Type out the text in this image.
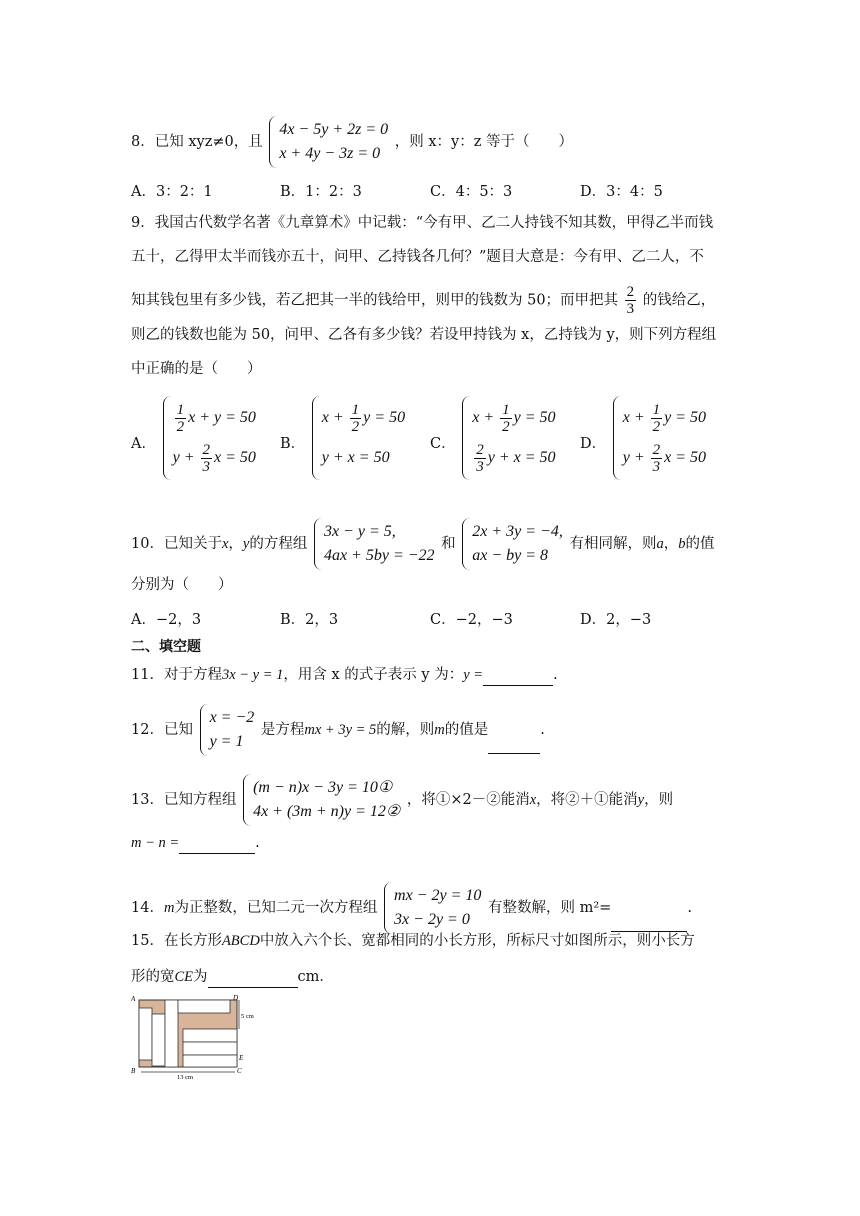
8．已知 xyz≠0，且
4x − 5y + 2z = 0
x + 4y − 3z = 0
，则 x：y：z 等于（　　）
A．3：2：1	B．1：2：3	C．4：5：3	D．3：4：5
9．我国古代数学名著《九章算术》中记载：“今有甲、乙二人持钱不知其数，甲得乙半而钱
五十，乙得甲太半而钱亦五十，问甲、乙持钱各几何？”题目大意是：今有甲、乙二人，不
知其钱包里有多少钱，若乙把其一半的钱给甲，则甲的钱数为 50；而甲把其 $\frac{2}{3}$ 的钱给乙，
则乙的钱数也能为 50，问甲、乙各有多少钱？若设甲持钱为 x，乙持钱为 y，则下列方程组
中正确的是（　　）
A．
$\frac{1}{2}$ x + y = 50
$y + \frac{2}{3}$ x = 50
B．
$x + \frac{1}{2}$ y = 50
y + x = 50
C．
$x + \frac{1}{2}$ y = 50
$\frac{2}{3}$ y + x = 50
D．
$x + \frac{1}{2}$ y = 50
$y + \frac{2}{3}$ x = 50
10．已知关于x，y的方程组
3x − y = 5,
4ax + 5by = −22
和
2x + 3y = −4,
ax − by = 8
有相同解，则a，b的值
分别为（　　）
A．−2，3	B．2，3	C．−2，−3	D．2，−3
二、填空题
11．对于方程3x − y = 1，用含 x 的式子表示 y 为：y =	.
12．已知
x = −2
y = 1
是方程mx + 3y = 5的解，则m的值是	.
13．已知方程组
(m − n)x − 3y = 10①
4x + (3m + n)y = 12②
，将①×2－②能消x，将②＋①能消y，则
m − n =	.
14．m为正整数，已知二元一次方程组
mx − 2y = 10
3x − 2y = 0
有整数解，则 m²=	.
15．在长方形ABCD中放入六个长、宽都相同的小长方形，所标尺寸如图所示，则小长方
形的宽CE为	cm．
A	D
B	C
E
5 cm
13 cm
